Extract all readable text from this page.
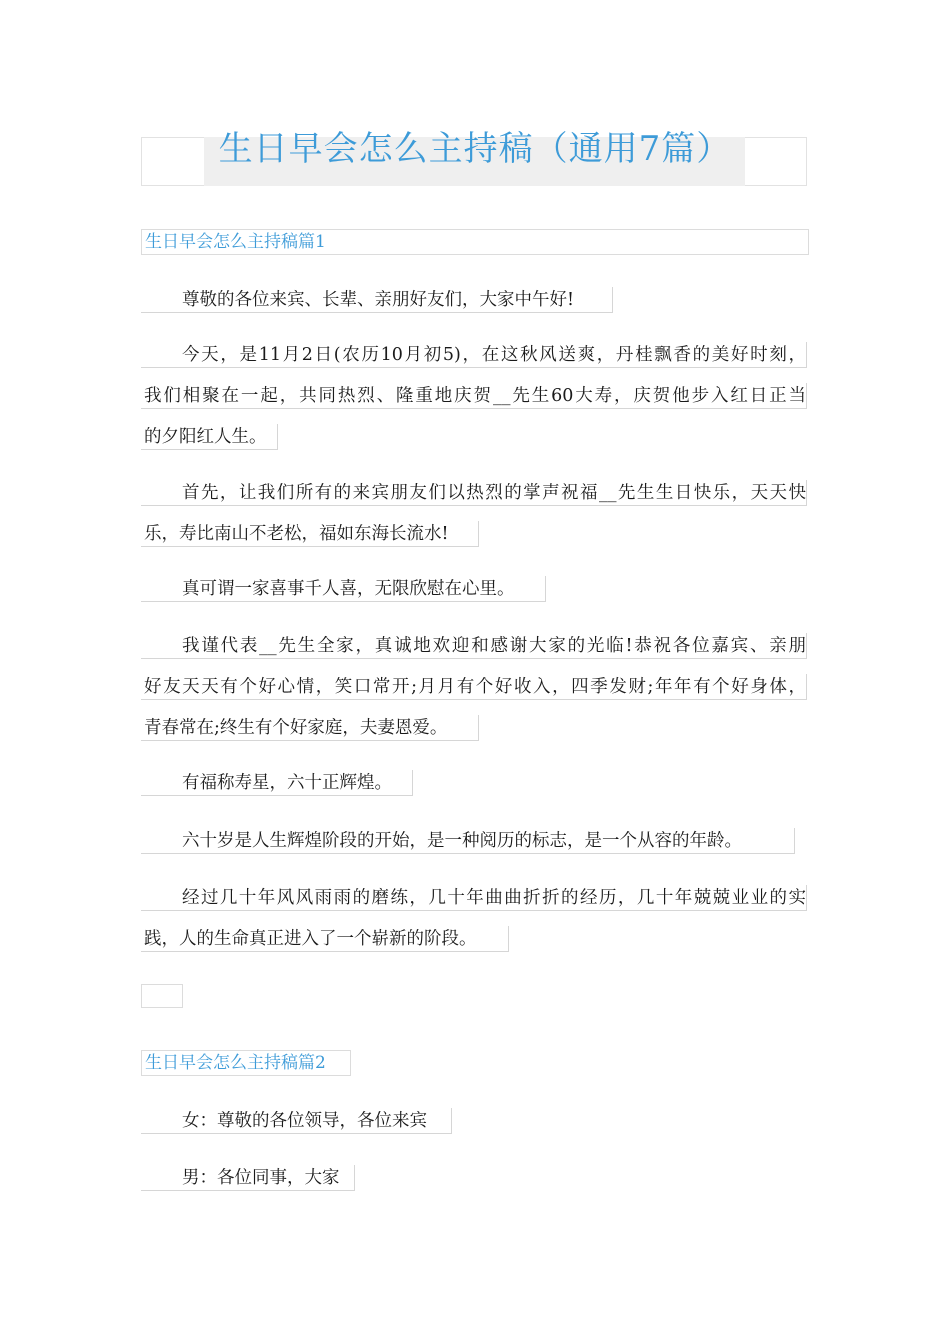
生日早会怎么主持稿（通用7篇）
生日早会怎么主持稿篇1
尊敬的各位来宾、长辈、亲朋好友们，大家中午好!
今天，是11月2日(农历10月初5)，在这秋风送爽，丹桂飘香的美好时刻，
我们相聚在一起，共同热烈、隆重地庆贺__先生60大寿，庆贺他步入红日正当
的夕阳红人生。
首先，让我们所有的来宾朋友们以热烈的掌声祝福__先生生日快乐，天天快
乐，寿比南山不老松，福如东海长流水!
真可谓一家喜事千人喜，无限欣慰在心里。
我谨代表__先生全家，真诚地欢迎和感谢大家的光临!恭祝各位嘉宾、亲朋
好友天天有个好心情，笑口常开;月月有个好收入，四季发财;年年有个好身体，
青春常在;终生有个好家庭，夫妻恩爱。
有福称寿星，六十正辉煌。
六十岁是人生辉煌阶段的开始，是一种阅历的标志，是一个从容的年龄。
经过几十年风风雨雨的磨练，几十年曲曲折折的经历，几十年兢兢业业的实
践，人的生命真正进入了一个崭新的阶段。
生日早会怎么主持稿篇2
女：尊敬的各位领导，各位来宾
男：各位同事，大家
